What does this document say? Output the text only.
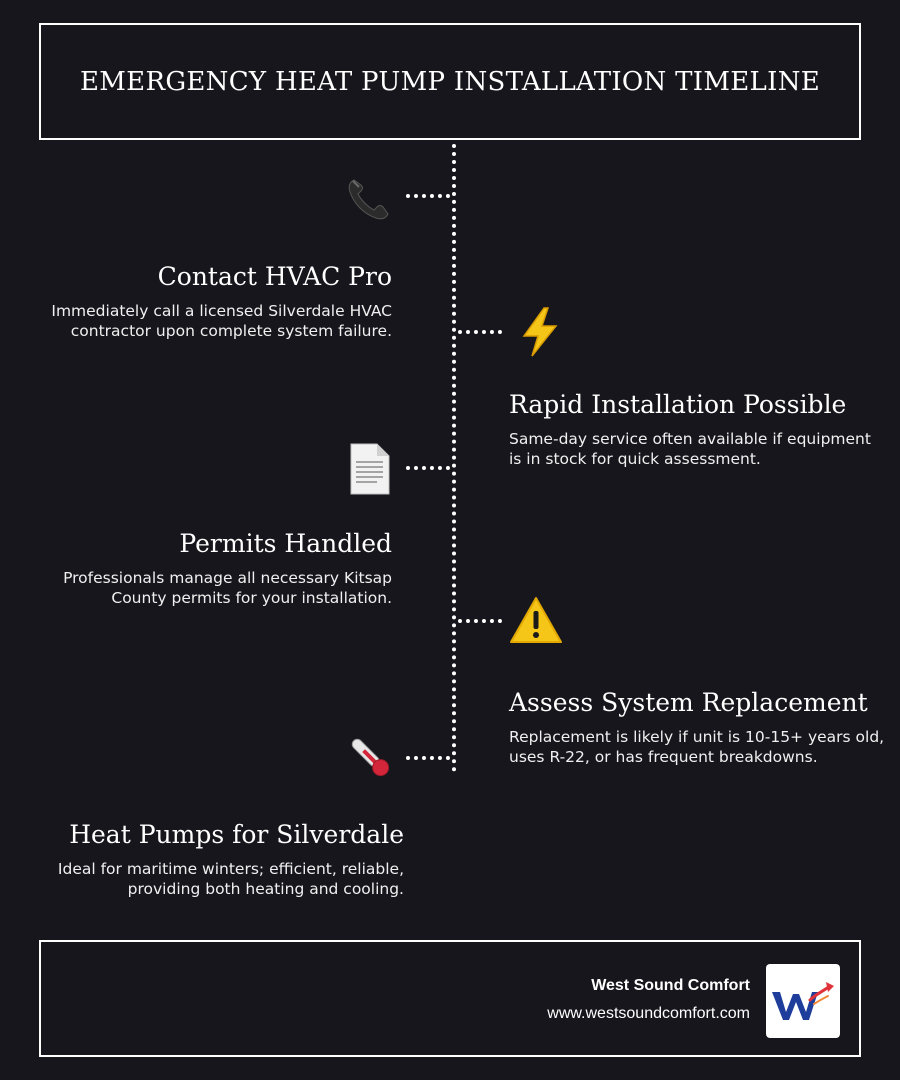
EMERGENCY HEAT PUMP INSTALLATION TIMELINE
Contact HVAC Pro

Immediately call a licensed Silverdale HVAC contractor upon complete system failure.

Rapid Installation Possible

Same-day service often available if equipment is in stock for quick assessment.

Permits Handled

Professionals manage all necessary Kitsap County permits for your installation.

Assess System Replacement

Replacement is likely if unit is 10-15+ years old, uses R-22, or has frequent breakdowns.

Heat Pumps for Silverdale

Ideal for maritime winters; efficient, reliable, providing both heating and cooling.

West Sound Comfort
www.westsoundcomfort.com
